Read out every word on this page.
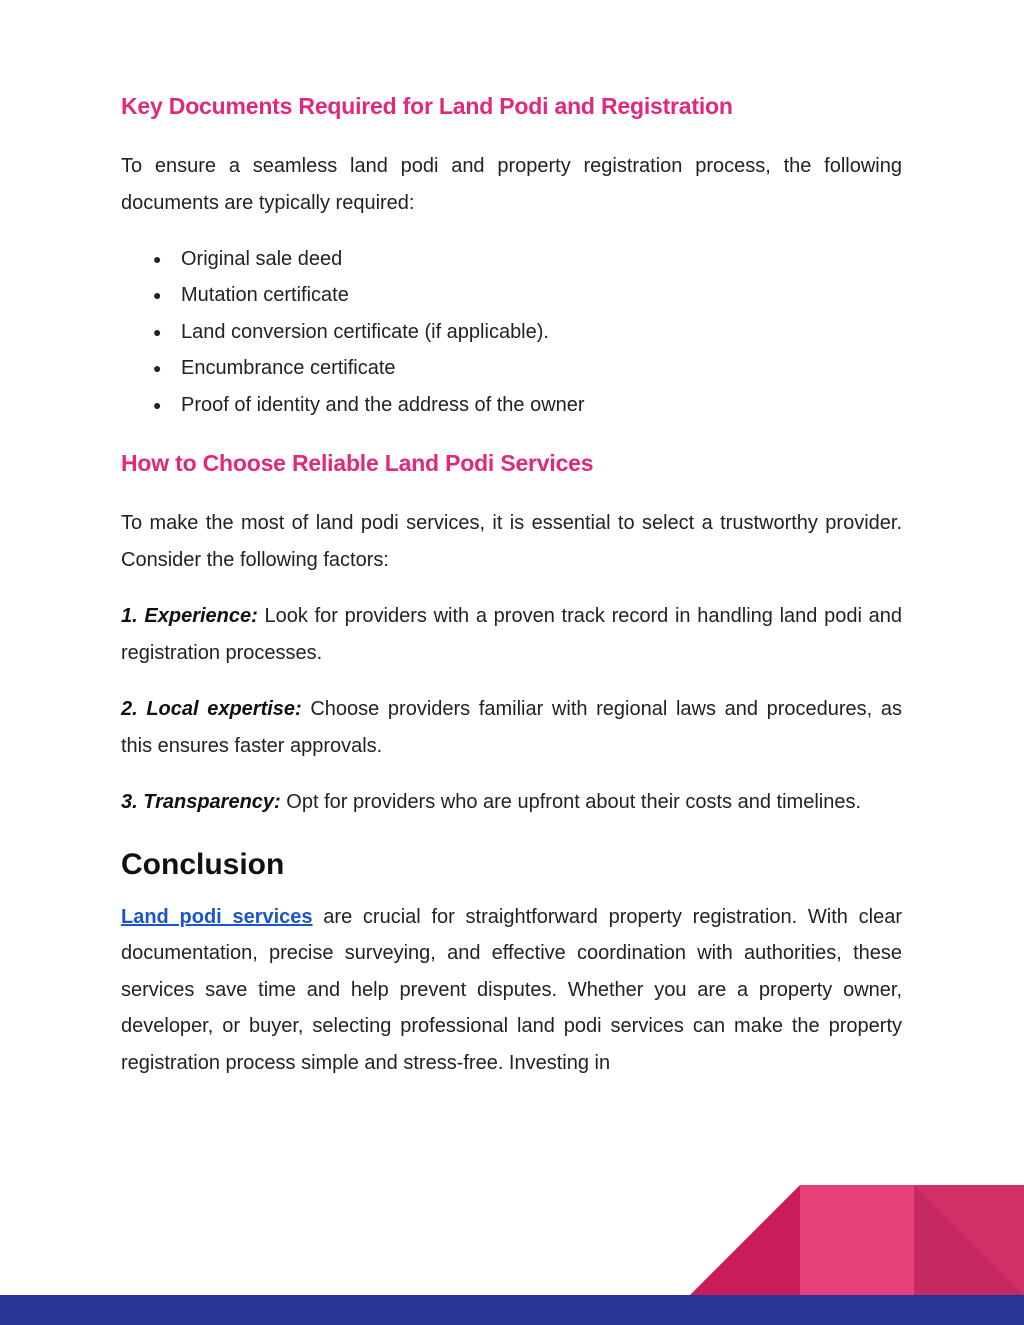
Key Documents Required for Land Podi and Registration

To ensure a seamless land podi and property registration process, the following documents are typically required:

● Original sale deed
● Mutation certificate
● Land conversion certificate (if applicable).
● Encumbrance certificate
● Proof of identity and the address of the owner
How to Choose Reliable Land Podi Services

To make the most of land podi services, it is essential to select a trustworthy provider. Consider the following factors:

1. Experience: Look for providers with a proven track record in handling land podi and registration processes.

2. Local expertise: Choose providers familiar with regional laws and procedures, as this ensures faster approvals.

3. Transparency: Opt for providers who are upfront about their costs and timelines.

Conclusion

Land podi services are crucial for straightforward property registration. With clear documentation, precise surveying, and effective coordination with authorities, these services save time and help prevent disputes. Whether you are a property owner, developer, or buyer, selecting professional land podi services can make the property registration process simple and stress-free. Investing in
